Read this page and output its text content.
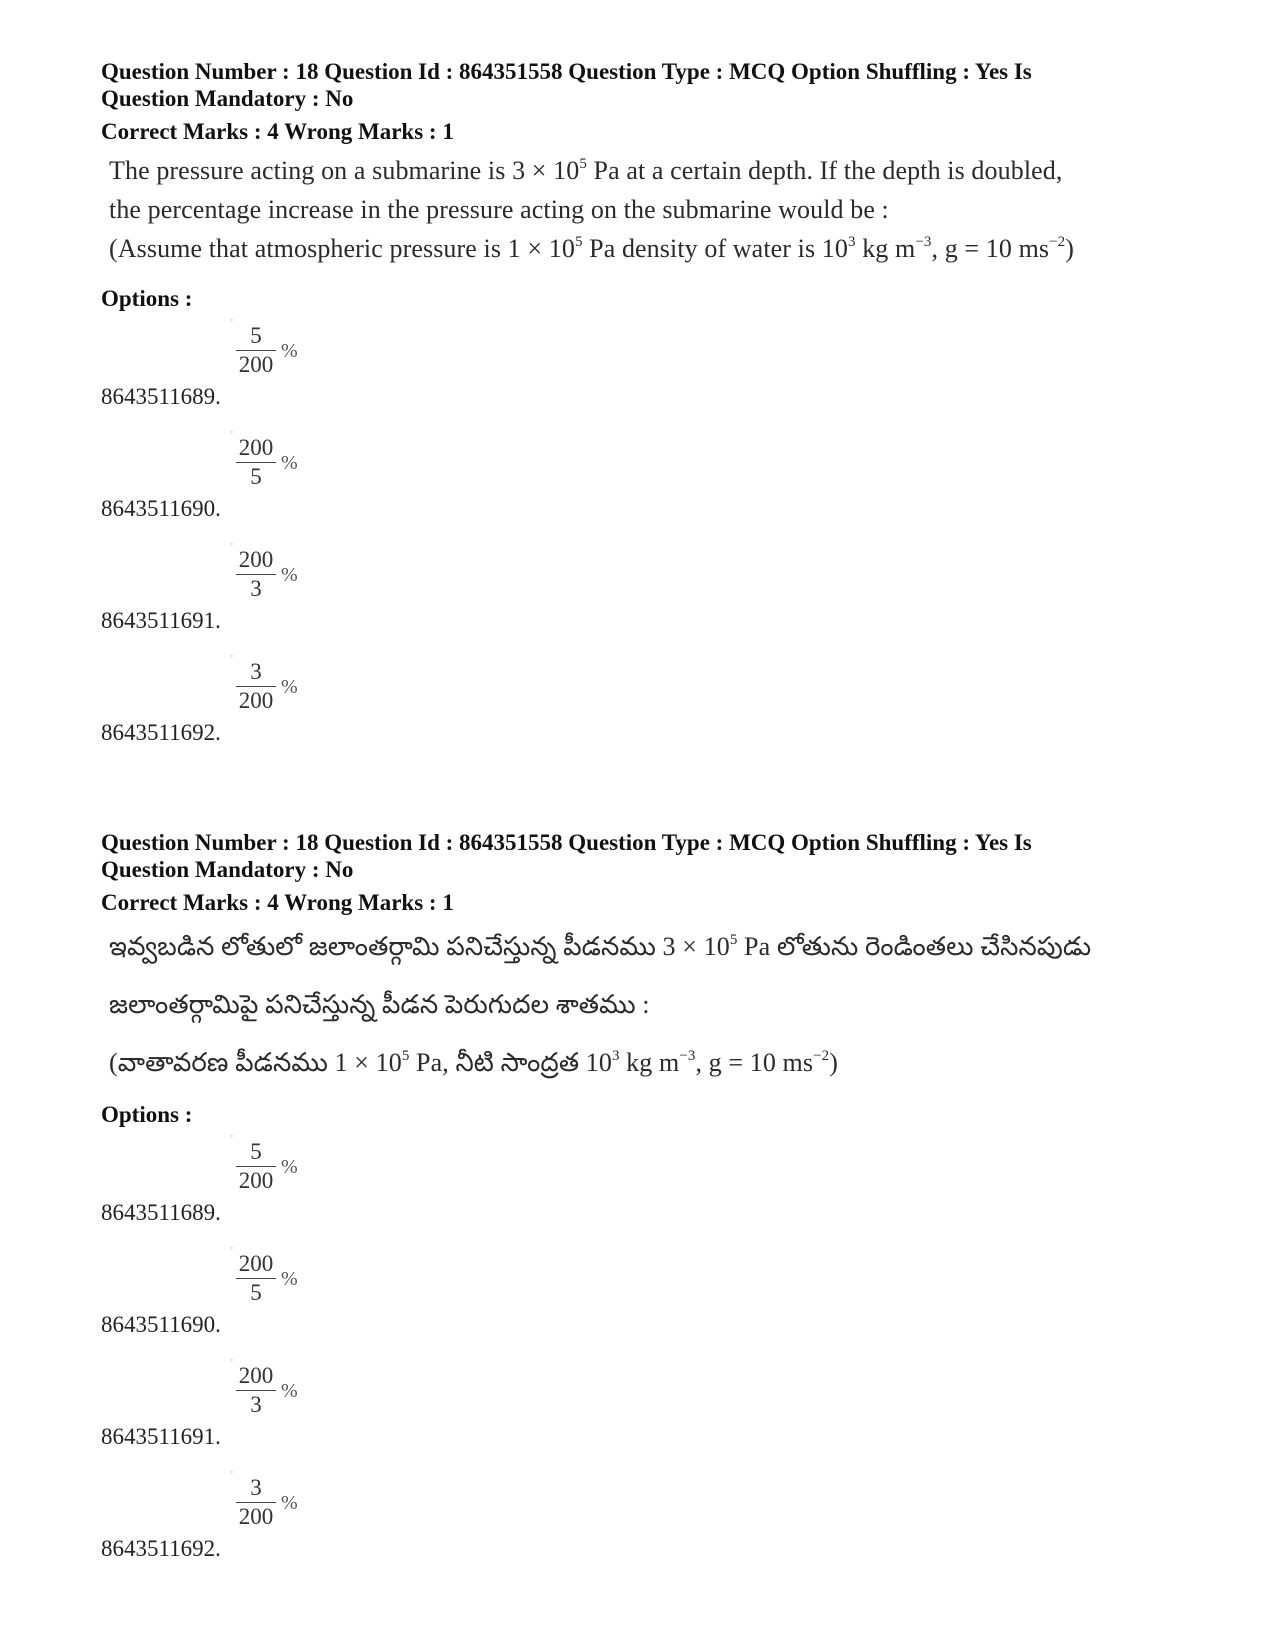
Question Number : 18 Question Id : 864351558 Question Type : MCQ Option Shuffling : Yes Is

Question Mandatory : No

Correct Marks : 4 Wrong Marks : 1

The pressure acting on a submarine is $3 \times 10^5$ Pa at a certain depth. If the depth is doubled,

the percentage increase in the pressure acting on the submarine would be :

(Assume that atmospheric pressure is $1 \times 10^5$ Pa density of water is $10^3$ kg $m^{-3}$, g = 10 $ms^{-2}$)

Options :

' 5
200
%
8643511689.
' 200
5
%
8643511690.
' 200
3
%
8643511691.
' 3
200
%
8643511692.

Question Number : 18 Question Id : 864351558 Question Type : MCQ Option Shuffling : Yes Is

Question Mandatory : No

Correct Marks : 4 Wrong Marks : 1

ఇవ్వబడిన లోతులో జలాంతర్గామి పనిచేస్తున్న పీడనము $3 \times 10^5$ Pa లోతును రెండింతలు చేసినపుడు

జలాంతర్గామిపై పనిచేస్తున్న పీడన పెరుగుదల శాతము :

(వాతావరణ పీడనము $1 \times 10^5$ Pa, నీటి సాంద్రత $10^3$ kg $m^{-3}$, g = 10 $ms^{-2}$)

Options :

' 5
200
%
8643511689.
' 200
5
%
8643511690.
' 200
3
%
8643511691.
' 3
200
%
8643511692.
